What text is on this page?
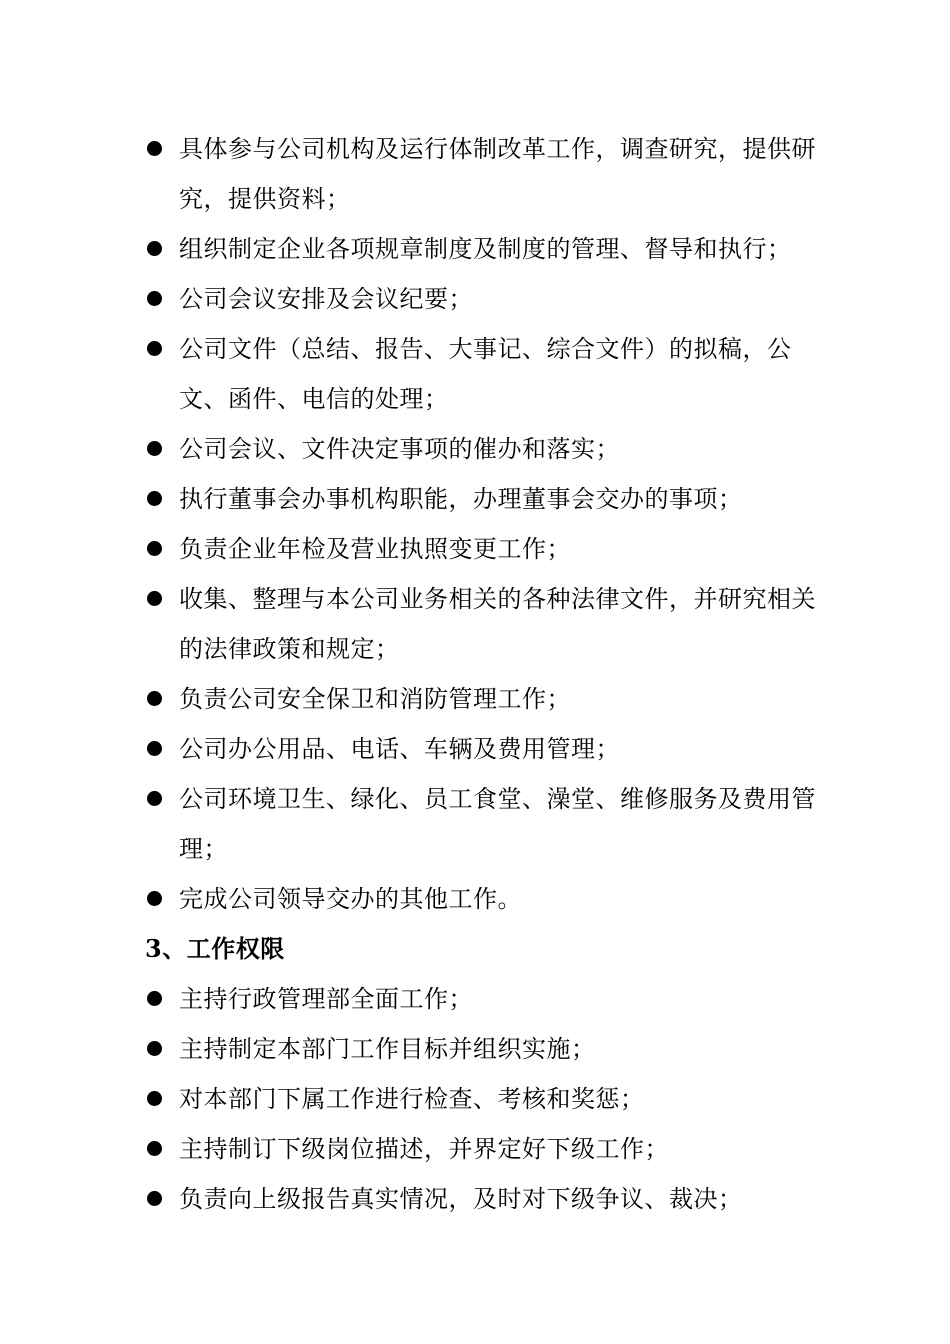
具体参与公司机构及运行体制改革工作，调查研究，提供研究，提供资料；
组织制定企业各项规章制度及制度的管理、督导和执行；
公司会议安排及会议纪要；
公司文件（总结、报告、大事记、综合文件）的拟稿，公文、函件、电信的处理；
公司会议、文件决定事项的催办和落实；
执行董事会办事机构职能，办理董事会交办的事项；
负责企业年检及营业执照变更工作；
收集、整理与本公司业务相关的各种法律文件，并研究相关的法律政策和规定；
负责公司安全保卫和消防管理工作；
公司办公用品、电话、车辆及费用管理；
公司环境卫生、绿化、员工食堂、澡堂、维修服务及费用管理；
完成公司领导交办的其他工作。
3、工作权限
主持行政管理部全面工作；
主持制定本部门工作目标并组织实施；
对本部门下属工作进行检查、考核和奖惩；
主持制订下级岗位描述，并界定好下级工作；
负责向上级报告真实情况，及时对下级争议、裁决；
